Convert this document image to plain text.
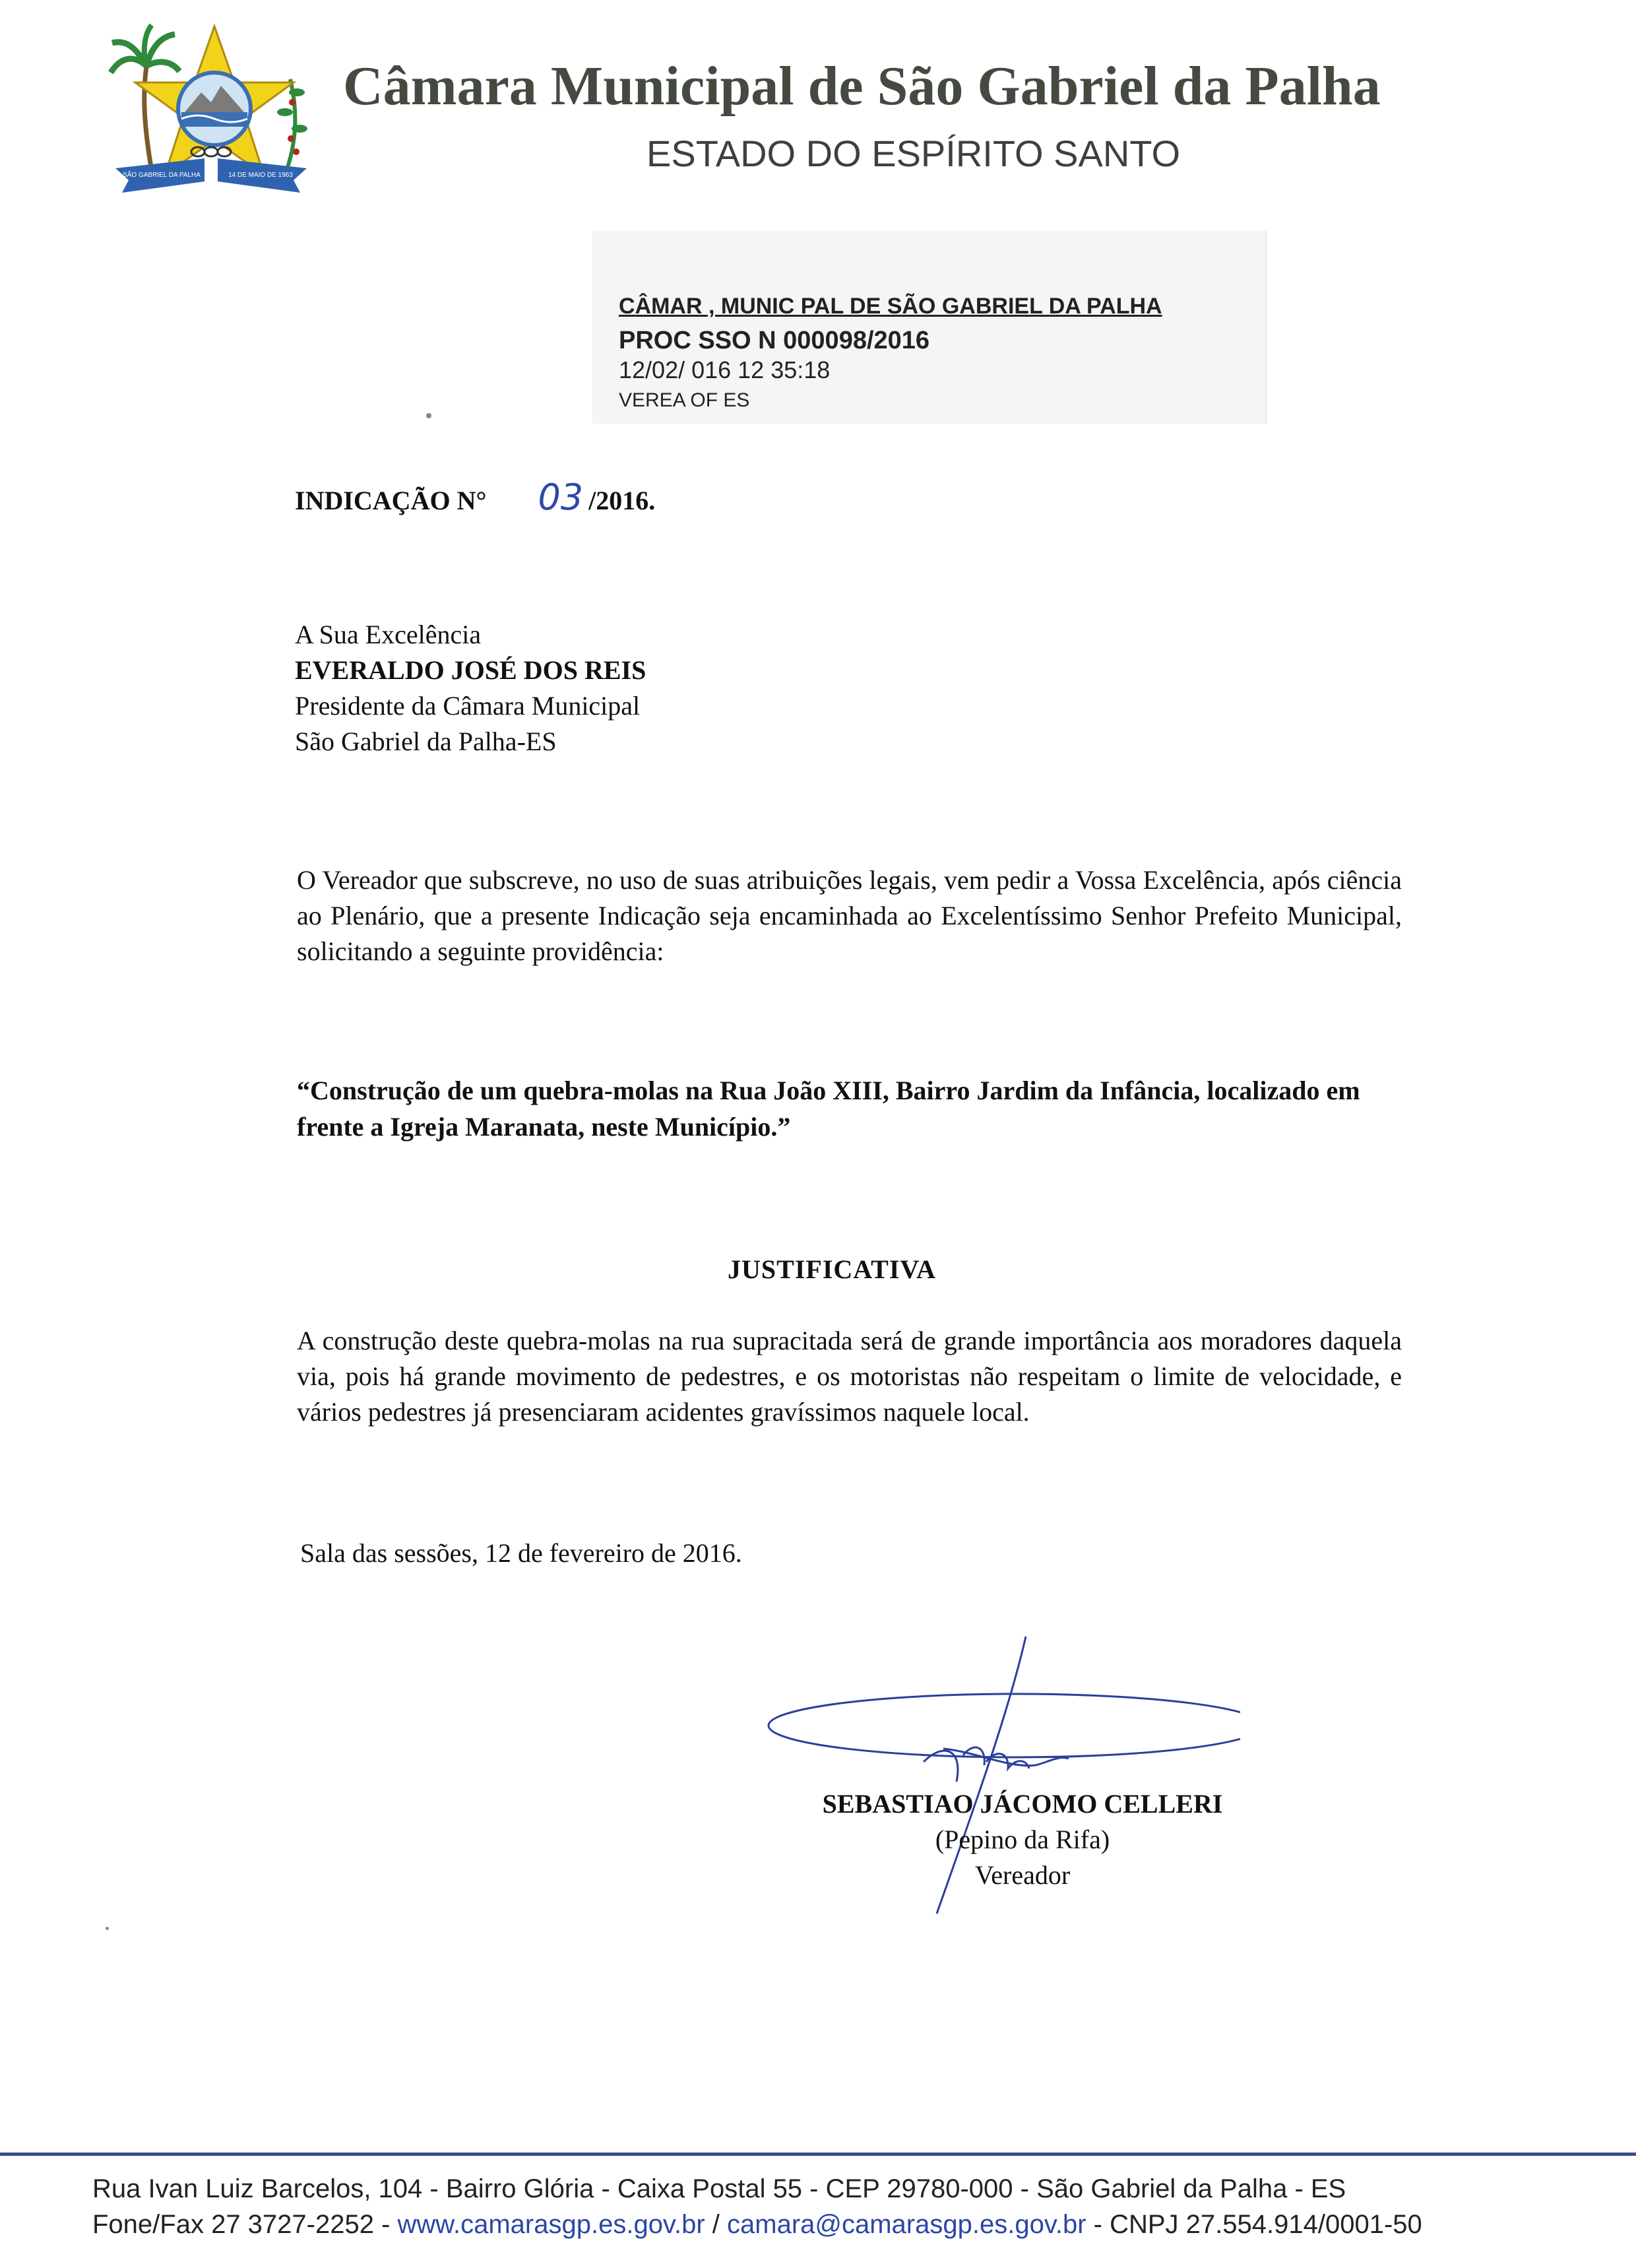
SÃO GABRIEL DA PALHA	14 DE MAIO DE 1963
Câmara Municipal de São Gabriel da Palha
ESTADO DO ESPÍRITO SANTO
CÂMAR , MUNIC PAL DE SÃO GABRIEL DA PALHA
PROC SSO N 000098/2016
12/02/ 016 12 35:18
VEREA OF ES
INDICAÇÃO N° 03 /2016.
A Sua Excelência
EVERALDO JOSÉ DOS REIS
Presidente da Câmara Municipal
São Gabriel da Palha-ES
O Vereador que subscreve, no uso de suas atribuições legais, vem pedir a Vossa Excelência, após ciência ao Plenário, que a presente Indicação seja encaminhada ao Excelentíssimo Senhor Prefeito Municipal, solicitando a seguinte providência:
“Construção de um quebra-molas na Rua João XIII, Bairro Jardim da Infância, localizado em frente a Igreja Maranata, neste Município.”
JUSTIFICATIVA
A construção deste quebra-molas na rua supracitada será de grande importância aos moradores daquela via, pois há grande movimento de pedestres, e os motoristas não respeitam o limite de velocidade, e vários pedestres já presenciaram acidentes gravíssimos naquele local.
Sala das sessões, 12 de fevereiro de 2016.
SEBASTIAO JÁCOMO CELLERI
(Pepino da Rifa)
Vereador
Rua Ivan Luiz Barcelos, 104 - Bairro Glória - Caixa Postal 55 - CEP 29780-000 - São Gabriel da Palha - ES
Fone/Fax 27 3727-2252 - www.camarasgp.es.gov.br / camara@camarasgp.es.gov.br - CNPJ 27.554.914/0001-50
